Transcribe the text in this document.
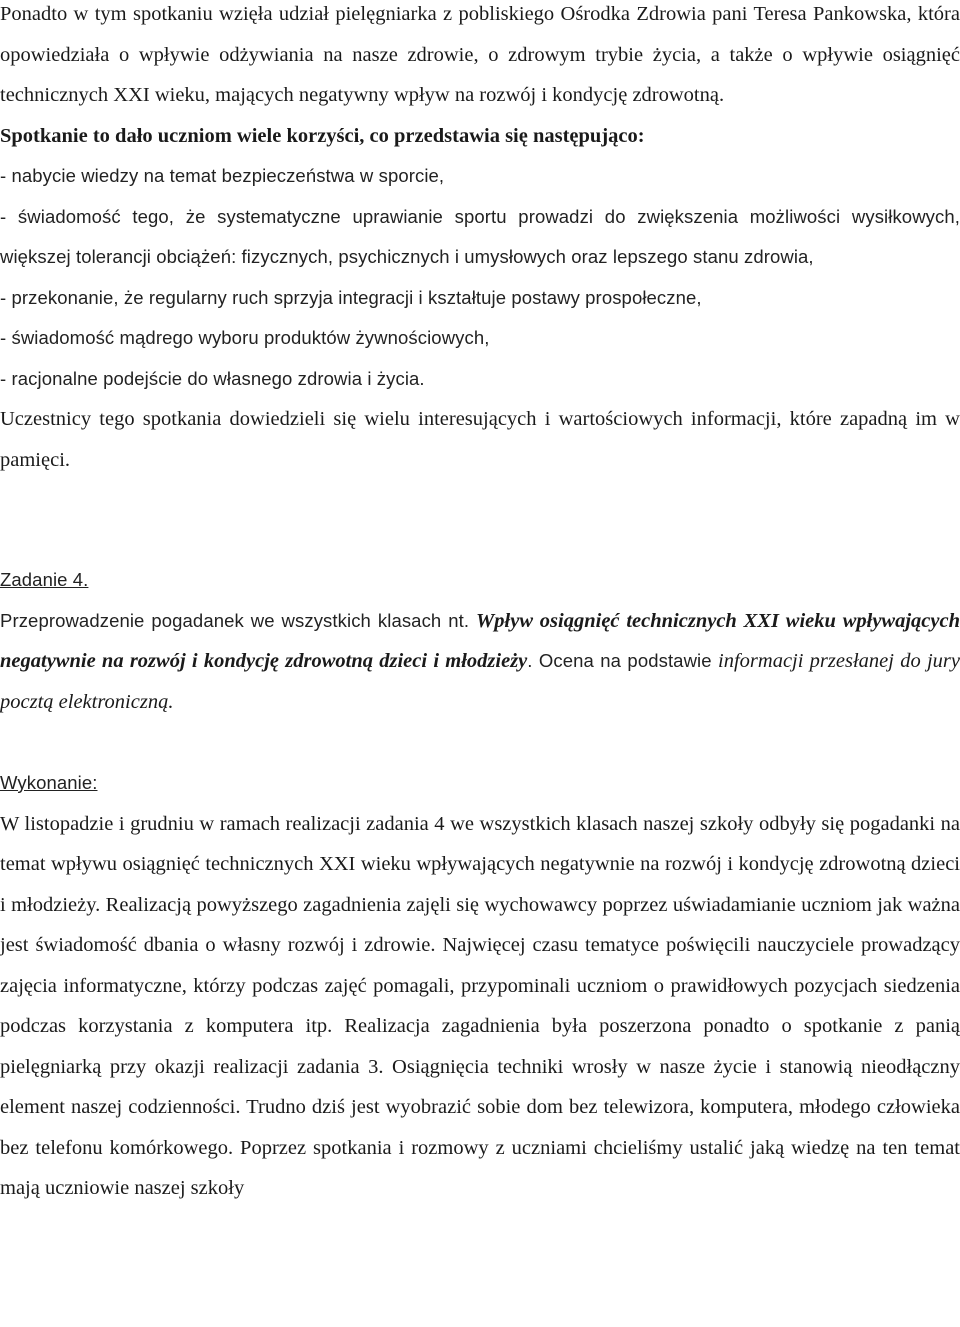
Ponadto w tym spotkaniu wzięła udział pielęgniarka z pobliskiego Ośrodka Zdrowia pani Teresa Pankowska, która opowiedziała o wpływie odżywiania na nasze zdrowie, o zdrowym trybie życia, a także o wpływie osiągnięć technicznych XXI wieku, mających negatywny wpływ na rozwój i kondycję zdrowotną.

Spotkanie to dało uczniom wiele korzyści, co przedstawia się następująco:

- nabycie wiedzy na temat bezpieczeństwa w sporcie,

- świadomość tego, że systematyczne uprawianie sportu prowadzi do zwiększenia możliwości wysiłkowych, większej tolerancji obciążeń: fizycznych, psychicznych i umysłowych oraz lepszego stanu zdrowia,

- przekonanie, że regularny ruch sprzyja integracji i kształtuje postawy prospołeczne,

- świadomość mądrego wyboru produktów żywnościowych,

- racjonalne podejście do własnego zdrowia i życia.

Uczestnicy tego spotkania dowiedzieli się wielu interesujących i wartościowych informacji, które zapadną im w pamięci.

Zadanie 4.

Przeprowadzenie pogadanek we wszystkich klasach nt. Wpływ osiągnięć technicznych XXI wieku wpływających negatywnie na rozwój i kondycję zdrowotną dzieci i młodzieży. Ocena na podstawie informacji przesłanej do jury pocztą elektroniczną.

Wykonanie:

W listopadzie i grudniu w ramach realizacji zadania 4 we wszystkich klasach naszej szkoły odbyły się pogadanki na temat wpływu osiągnięć technicznych XXI wieku wpływających negatywnie na rozwój i kondycję zdrowotną dzieci i młodzieży. Realizacją powyższego zagadnienia zajęli się wychowawcy poprzez uświadamianie uczniom jak ważna jest świadomość dbania o własny rozwój i zdrowie. Najwięcej czasu tematyce poświęcili nauczyciele prowadzący zajęcia informatyczne, którzy podczas zajęć pomagali, przypominali uczniom o prawidłowych pozycjach siedzenia podczas korzystania z komputera itp. Realizacja zagadnienia była poszerzona ponadto o spotkanie z panią pielęgniarką przy okazji realizacji zadania 3. Osiągnięcia techniki wrosły w nasze życie i stanowią nieodłączny element naszej codzienności. Trudno dziś jest wyobrazić sobie dom bez telewizora, komputera, młodego człowieka bez telefonu komórkowego. Poprzez spotkania i rozmowy z uczniami chcieliśmy ustalić jaką wiedzę na ten temat mają uczniowie naszej szkoły
